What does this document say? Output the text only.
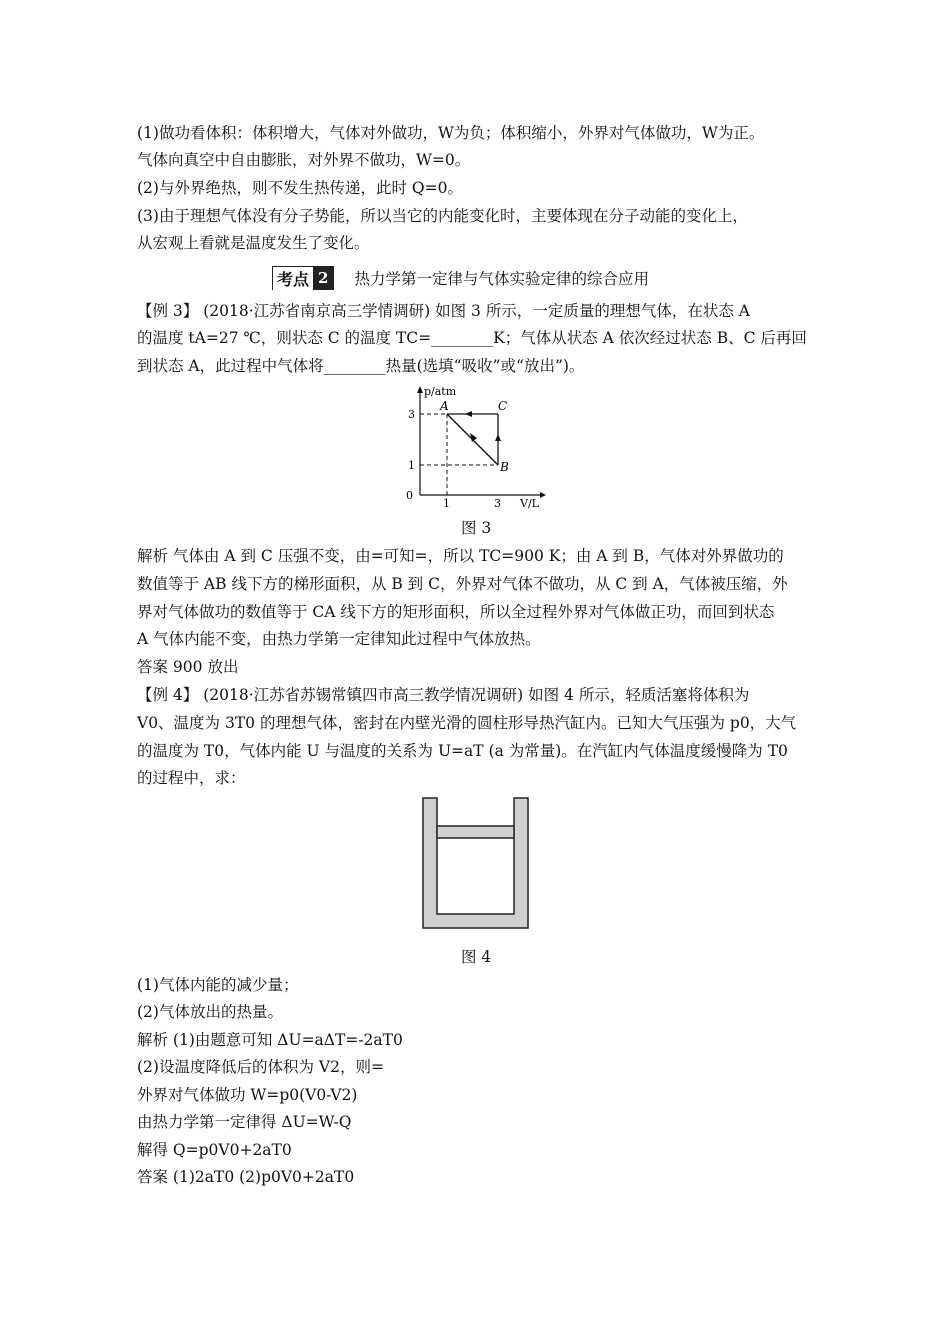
(1)做功看体积：体积增大，气体对外做功，W为负；体积缩小，外界对气体做功，W为正。
气体向真空中自由膨胀，对外界不做功，W=0。
(2)与外界绝热，则不发生热传递，此时 Q=0。
(3)由于理想气体没有分子势能，所以当它的内能变化时，主要体现在分子动能的变化上，
从宏观上看就是温度发生了变化。
考点 2	热力学第一定律与气体实验定律的综合应用
【例 3】 (2018·江苏省南京高三学情调研) 如图 3 所示，一定质量的理想气体，在状态 A
的温度 tA=27 ℃，则状态 C 的温度 TC=________K；气体从状态 A 依次经过状态 B、C 后再回
到状态 A，此过程中气体将________热量(选填“吸收”或“放出”)。
p/atm
V/L
0
1
3
1	3
A
B
C
图 3
解析 气体由 A 到 C 压强不变，由=可知=，所以 TC=900 K；由 A 到 B，气体对外界做功的
数值等于 AB 线下方的梯形面积，从 B 到 C，外界对气体不做功，从 C 到 A，气体被压缩，外
界对气体做功的数值等于 CA 线下方的矩形面积，所以全过程外界对气体做正功，而回到状态
A 气体内能不变，由热力学第一定律知此过程中气体放热。
答案 900 放出
【例 4】 (2018·江苏省苏锡常镇四市高三教学情况调研) 如图 4 所示，轻质活塞将体积为
V0、温度为 3T0 的理想气体，密封在内壁光滑的圆柱形导热汽缸内。已知大气压强为 p0，大气
的温度为 T0，气体内能 U 与温度的关系为 U=aT (a 为常量)。在汽缸内气体温度缓慢降为 T0
的过程中，求：
图 4
(1)气体内能的减少量；
(2)气体放出的热量。
解析 (1)由题意可知 ΔU=aΔT=-2aT0
(2)设温度降低后的体积为 V2，则=
外界对气体做功 W=p0(V0-V2)
由热力学第一定律得 ΔU=W-Q
解得 Q=p0V0+2aT0
答案 (1)2aT0 (2)p0V0+2aT0
